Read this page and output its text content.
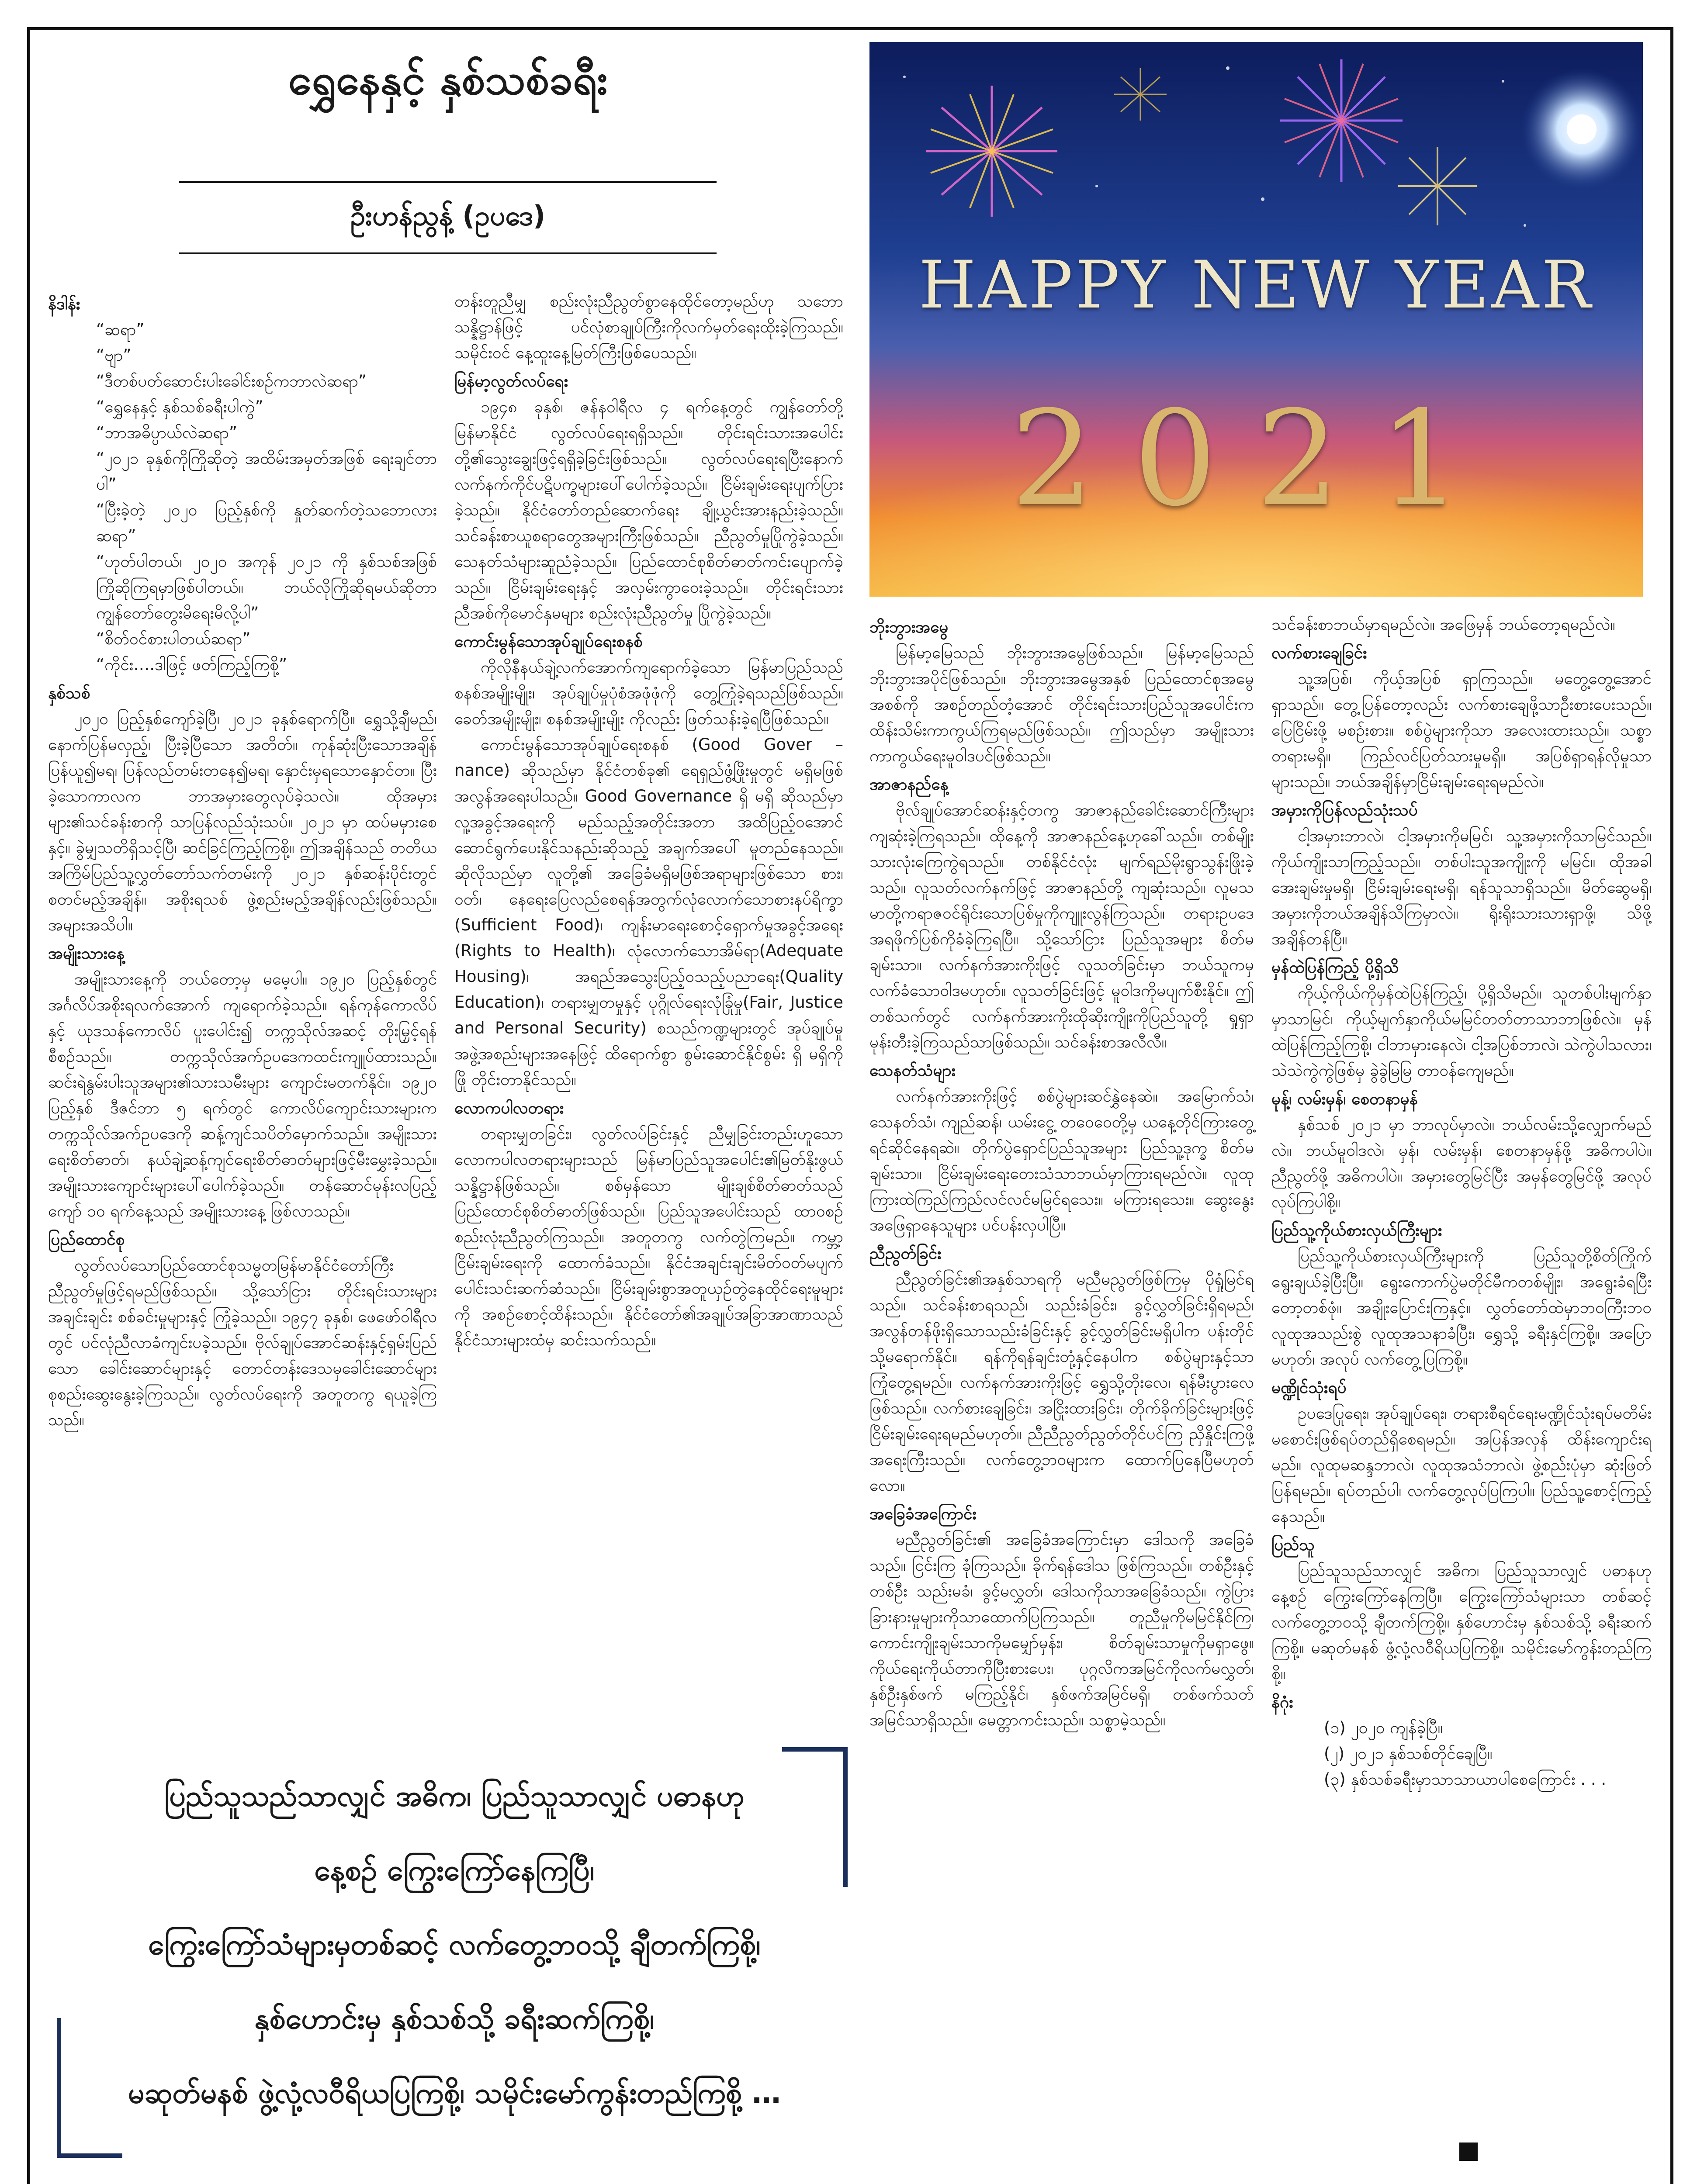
ရွှေနေနှင့် နှစ်သစ်ခရီး
ဦးဟန်ညွန့် (ဥပဒေ)
HAPPY NEW YEAR
2021

နိဒါန်း

“ဆရာ”

“ဗျာ”

“ဒီတစ်ပတ်ဆောင်းပါးခေါင်းစဉ်ကဘာလဲဆရာ”

“ရွှေနေနှင့် နှစ်သစ်ခရီးပါကွဲ”

“ဘာအဓိပ္ပာယ်လဲဆရာ”

“၂၀၂၁ ခုနှစ်ကိုကြိုဆိုတဲ့ အထိမ်းအမှတ်အဖြစ် ရေးချင်တာပါ”

“ပြီးခဲ့တဲ့ ၂၀၂၀ ပြည့်နှစ်ကို နှုတ်ဆက်တဲ့သဘောလားဆရာ”

“ဟုတ်ပါတယ်၊ ၂၀၂၀ အကုန် ၂၀၂၁ ကို နှစ်သစ်အဖြစ်ကြိုဆိုကြရမှာဖြစ်ပါတယ်။ ဘယ်လိုကြိုဆိုရမယ်ဆိုတာ ကျွန်တော်တွေးမိရေးမိလို့ပါ”

“စိတ်ဝင်စားပါတယ်ဆရာ”

“ကိုင်း….ဒါဖြင့် ဖတ်ကြည့်ကြစို့”

နှစ်သစ်

၂၀၂၀ ပြည့်နှစ်ကျော်ခဲ့ပြီ၊ ၂၀၂၁ ခုနှစ်ရောက်ပြီ။ ရွှေသို့ချီမည်၊ နောက်ပြန်မလှည့်၊ ပြီးခဲ့ပြီသော အတိတ်။ ကုန်ဆုံးပြီးသောအချိန် ပြန်ယူ၍မရ၊ ပြန်လည်တမ်းတနေ၍မရ၊ နှောင်းမှရသောနှောင်တ။ ပြီးခဲ့သောကာလက ဘာအမှားတွေလုပ်ခဲ့သလဲ။ ထိုအမှားများ၏သင်ခန်းစာကို သာပြန်လည်သုံးသပ်။ ၂၀၂၁ မှာ ထပ်မမှားစေနှင့်။ ခွဲမျှသတိရှိသင့်ပြီ၊ ဆင်ခြင်ကြည့်ကြစို့။ ဤအချိန်သည် တတိယအကြိမ်ပြည်သူ့လွှတ်တော်သက်တမ်းကို ၂၀၂၁ နှစ်ဆန်းပိုင်းတွင် စတင်မည့်အချိန်။ အစိုးရသစ် ဖွဲ့စည်းမည့်အချိန်လည်းဖြစ်သည်။ အများအသိပါ။

အမျိုးသားနေ့

အမျိုးသားနေ့ကို ဘယ်တော့မှ မမေ့ပါ။ ၁၉၂၀ ပြည့်နှစ်တွင် အင်္ဂလိပ်အစိုးရလက်အောက် ကျရောက်ခဲ့သည်။ ရန်ကုန်ကောလိပ်နှင့် ယုဒသန်ကောလိပ် ပူးပေါင်း၍ တက္ကသိုလ်အဆင့် တိုးမြှင့်ရန်စီစဉ်သည်။ တက္ကသိုလ်အက်ဥပဒေကထင်းကျူပ်ထားသည်။ ဆင်းရဲနွမ်းပါးသူအများ၏သားသမီးများ ကျောင်းမတက်နိုင်။ ၁၉၂၀ ပြည့်နှစ် ဒီဇင်ဘာ ၅ ရက်တွင် ကောလိပ်ကျောင်းသားများက တက္ကသိုလ်အက်ဥပဒေကို ဆန့်ကျင်သပိတ်မှောက်သည်။ အမျိုးသားရေးစိတ်ဓာတ်၊ နယ်ချဲ့ဆန့်ကျင်ရေးစိတ်ဓာတ်များဖြင့်မီးမွှေးခဲ့သည်။ အမျိုးသားကျောင်းများပေါ်ပေါက်ခဲ့သည်။ တန်ဆောင်မုန်းလပြည့်ကျော် ၁၀ ရက်နေ့သည် အမျိုးသားနေ့ ဖြစ်လာသည်။

ပြည်ထောင်စု

လွတ်လပ်သောပြည်ထောင်စုသမ္မတမြန်မာနိုင်ငံတော်ကြီး ညီညွတ်မှုဖြင့်ရမည်ဖြစ်သည်။ သို့သော်ငြား တိုင်းရင်းသားများအချင်းချင်း စစ်ခင်းမှုများနှင့် ကြုံခဲ့သည်။ ၁၉၄၇ ခုနှစ်၊ ဖေဖော်ဝါရီလတွင် ပင်လုံညီလာခံကျင်းပခဲ့သည်။ ဗိုလ်ချုပ်အောင်ဆန်းနှင့်ရှမ်းပြည်သော ခေါင်းဆောင်များနှင့် တောင်တန်းဒေသမှခေါင်းဆောင်များ စုစည်းဆွေးနွေးခဲ့ကြသည်။ လွတ်လပ်ရေးကို အတူတကွ ရယူခဲ့ကြသည်။

တန်းတူညီမျှ စည်းလုံးညီညွတ်စွာနေထိုင်တော့မည်ဟု သဘောသန္နိဋ္ဌာန်ဖြင့် ပင်လုံစာချုပ်ကြီးကိုလက်မှတ်ရေးထိုးခဲ့ကြသည်။ သမိုင်းဝင် နေ့ထူးနေ့မြတ်ကြီးဖြစ်ပေသည်။

မြန်မာ့လွတ်လပ်ရေး

၁၉၄၈ ခုနှစ်၊ ဇန်နဝါရီလ ၄ ရက်နေ့တွင် ကျွန်တော်တို့မြန်မာနိုင်ငံ လွတ်လပ်ရေးရရှိသည်။ တိုင်းရင်းသားအပေါင်းတို့၏သွေးချွေးဖြင့်ရရှိခဲ့ခြင်းဖြစ်သည်။ လွတ်လပ်ရေးရပြီးနောက် လက်နက်ကိုင်ပဋိပက္ခများပေါ်ပေါက်ခဲ့သည်။ ငြိမ်းချမ်းရေးပျက်ပြားခဲ့သည်။ နိုင်ငံတော်တည်ဆောက်ရေး ချို့ယွင်းအားနည်းခဲ့သည်။ သင်ခန်းစာယူစရာတွေအများကြီးဖြစ်သည်။ ညီညွတ်မှုပြိုကွဲခဲ့သည်။ သေနတ်သံများဆူညံခဲ့သည်။ ပြည်ထောင်စုစိတ်ဓာတ်ကင်းပျောက်ခဲ့သည်။ ငြိမ်းချမ်းရေးနှင့် အလှမ်းကွာဝေးခဲ့သည်။ တိုင်းရင်းသားညီအစ်ကိုမောင်နှမများ စည်းလုံးညီညွတ်မှု ပြိုကွဲခဲ့သည်။

ကောင်းမွန်သောအုပ်ချုပ်ရေးစနစ်

ကိုလိုနီနယ်ချဲ့လက်အောက်ကျရောက်ခဲ့သော မြန်မာပြည်သည် စနစ်အမျိုးမျိုး၊ အုပ်ချုပ်မှုပုံစံအဖုံဖုံကို တွေ့ကြုံခဲ့ရသည်ဖြစ်သည်။ ခေတ်အမျိုးမျိုး၊ စနစ်အမျိုးမျိုး ကိုလည်း ဖြတ်သန်းခဲ့ရပြီဖြစ်သည်။

ကောင်းမွန်သောအုပ်ချုပ်ရေးစနစ် (Good Gover – nance) ဆိုသည်မှာ နိုင်ငံတစ်ခု၏ ရေရှည်ဖွံ့ဖြိုးမှုတွင် မရှိမဖြစ် အလွန်အရေးပါသည်။ Good Governance ရှိ မရှိ ဆိုသည်မှာ လူ့အခွင့်အရေးကို မည်သည့်အတိုင်းအတာ အထိပြည့်ဝအောင် ဆောင်ရွက်ပေးနိုင်သနည်းဆိုသည့် အချက်အပေါ် မူတည်နေသည်။ ဆိုလိုသည်မှာ လူတို့၏ အခြေခံမရှိမဖြစ်အရာများဖြစ်သော စား၊ ဝတ်၊ နေရေးပြေလည်စေရန်အတွက်လုံလောက်သောစားနပ်ရိက္ခာ (Sufficient Food)၊ ကျန်းမာရေးစောင့်ရှောက်မှုအခွင့်အရေး (Rights to Health)၊ လုံလောက်သောအိမ်ရာ(Adequate Housing)၊ အရည်အသွေးပြည့်ဝသည့်ပညာရေး(Quality Education)၊ တရားမျှတမှုနှင့် ပုဂ္ဂိုလ်ရေးလုံခြုံမှု(Fair, Justice and Personal Security) စသည်ကဏ္ဍများတွင် အုပ်ချုပ်မှုအဖွဲ့အစည်းများအနေဖြင့် ထိရောက်စွာ စွမ်းဆောင်နိုင်စွမ်း ရှိ မရှိကိုဖြို တိုင်းတာနိုင်သည်။

လောကပါလတရား

တရားမျှတခြင်း၊ လွတ်လပ်ခြင်းနှင့် ညီမျှခြင်းတည်းဟူသော လောကပါလတရားများသည် မြန်မာပြည်သူအပေါင်း၏မြတ်နိုးဖွယ်သန္နိဋ္ဌာန်ဖြစ်သည်။ စစ်မှန်သော မျိုးချစ်စိတ်ဓာတ်သည် ပြည်ထောင်စုစိတ်ဓာတ်ဖြစ်သည်။ ပြည်သူအပေါင်းသည် ထာဝစဉ်စည်းလုံးညီညွတ်ကြသည်။ အတူတကွ လက်တွဲကြမည်။ ကမ္ဘာ့ငြိမ်းချမ်းရေးကို ထောက်ခံသည်။ နိုင်ငံအချင်းချင်းမိတ်ဝတ်မပျက်ပေါင်းသင်းဆက်ဆံသည်။ ငြိမ်းချမ်းစွာအတူယှဉ်တွဲနေထိုင်ရေးမူများကို အစဉ်စောင့်ထိန်းသည်။ နိုင်ငံတော်၏အချုပ်အခြာအာဏာသည် နိုင်ငံသားများထံမှ ဆင်းသက်သည်။

ဘိုးဘွားအမွေ

မြန်မာ့မြေသည် ဘိုးဘွားအမွေဖြစ်သည်။ မြန်မာ့မြေသည် ဘိုးဘွားအပိုင်ဖြစ်သည်။ ဘိုးဘွားအမွေအနှစ် ပြည်ထောင်စုအမွေအစစ်ကို အစဉ်တည်တံ့အောင် တိုင်းရင်းသားပြည်သူအပေါင်းက ထိန်းသိမ်းကာကွယ်ကြရမည်ဖြစ်သည်။ ဤသည်မှာ အမျိုးသားကာကွယ်ရေးမူဝါဒပင်ဖြစ်သည်။

အာဇာနည်နေ့

ဗိုလ်ချုပ်အောင်ဆန်းနှင့်တကွ အာဇာနည်ခေါင်းဆောင်ကြီးများကျဆုံးခဲ့ကြရသည်။ ထိုနေ့ကို အာဇာနည်နေ့ဟုခေါ်သည်။ တစ်မျိုးသားလုံးကြေကွဲရသည်။ တစ်နိုင်ငံလုံး မျက်ရည်မိုးရွာသွန်းဖြိုးခဲ့သည်။ လူသတ်လက်နက်ဖြင့် အာဇာနည်တို့ ကျဆုံးသည်။ လူမသမာတို့ကရာဇဝင်ရိုင်းသောပြစ်မှုကိုကျူးလွန်ကြသည်။ တရားဥပဒေအရဖိုက်ပြစ်ကိုခံခဲ့ကြရပြီ။ သို့သော်ငြား ပြည်သူအများ စိတ်မချမ်းသာ။ လက်နက်အားကိုးဖြင့် လူသတ်ခြင်းမှာ ဘယ်သူကမှ လက်ခံသောဝါဒမဟုတ်။ လူသတ်ခြင်းဖြင့် မူဝါဒကိုမပျက်စီးနိုင်။ ဤတစ်သက်တွင် လက်နက်အားကိုးထိုဆိုးကျိုးကိုပြည်သူတို့ ရှုရှာမုန်းတီးခဲ့ကြသည်သာဖြစ်သည်။ သင်ခန်းစာအလီလီ။

သေနတ်သံများ

လက်နက်အားကိုးဖြင့် စစ်ပွဲများဆင်နွှဲနေဆဲ။ အမြောက်သံ၊ သေနတ်သံ၊ ကျည်ဆန်၊ ယမ်းငွေ့ တဝေဝေတို့မှ ယနေ့တိုင်ကြားတွေ့ရင်ဆိုင်နေရဆဲ။ တိုက်ပွဲရှောင်ပြည်သူအများ ပြည်သူ့ဒုက္ခ စိတ်မချမ်းသာ။ ငြိမ်းချမ်းရေးတေးသံသာဘယ်မှာကြားရမည်လဲ။ လူထုကြားထဲကြည်ကြည်လင်လင်မမြင်ရသေး။ မကြားရသေး။ ဆွေးနွေးအဖြေရှာနေသူများ ပင်ပန်းလှပါပြီ။

ညီညွတ်ခြင်း

ညီညွတ်ခြင်း၏အနှစ်သာရကို မညီမညွတ်ဖြစ်ကြမှ ပိုရှုံမြင်ရသည်။ သင်ခန်းစာရသည်၊ သည်းခံခြင်း၊ ခွင့်လွှတ်ခြင်းရှိရမည်၊ အလွန်တန်ဖိုးရှိသောသည်းခံခြင်းနှင့် ခွင့်လွှတ်ခြင်းမရှိပါက ပန်းတိုင်သို့မရောက်နိုင်။ ရန်ကိုရန်ချင်းတုံ့နှင့်နေပါက စစ်ပွဲများနှင့်သာ ကြုံတွေ့ရမည်။ လက်နက်အားကိုးဖြင့် ရွှေသို့တိုးလေ၊ ရန်မီးပွားလေဖြစ်သည်။ လက်စားချေခြင်း၊ အငြိုးထားခြင်း၊ တိုက်ခိုက်ခြင်းများဖြင့် ငြိမ်းချမ်းရေးရမည်မဟုတ်။ ညီညီညွတ်ညွတ်တိုင်ပင်ကြ ညှိနှိုင်းကြဖို့အရေးကြီးသည်။ လက်တွေ့ဘဝများက ထောက်ပြနေပြီမဟုတ်လော။

အခြေခံအကြောင်း

မညီညွတ်ခြင်း၏ အခြေခံအကြောင်းမှာ ဒေါသကို အခြေခံသည်။ ငြင်းကြ ခုံကြသည်။ ခိုက်ရန်ဒေါသ ဖြစ်ကြသည်။ တစ်ဦးနှင့်တစ်ဦး သည်းမခံ၊ ခွင့်မလွှတ်၊ ဒေါသကိုသာအခြေခံသည်။ ကွဲပြားခြားနားမှုများကိုသာထောက်ပြကြသည်။ တူညီမှုကိုမမြင်နိုင်ကြ၊ ကောင်းကျိုးချမ်းသာကိုမမျှော်မှန်း၊ စိတ်ချမ်းသာမှုကိုမရှာဖွေ။ ကိုယ်ရေးကိုယ်တာကိုပြီးစားပေး၊ ပုဂ္ဂလိကအမြင်ကိုလက်မလွှတ်၊ နှစ်ဦးနှစ်ဖက် မကြည့်နိုင်၊ နှစ်ဖက်အမြင်မရှိ၊ တစ်ဖက်သတ်အမြင်သာရှိသည်။ မေတ္တာကင်းသည်။ သစ္စာမဲ့သည်။

သင်ခန်းစာဘယ်မှာရမည်လဲ။ အဖြေမှန် ဘယ်တော့ရမည်လဲ။

လက်စားချေခြင်း

သူ့အပြစ်၊ ကိုယ့်အပြစ် ရှာကြသည်။ မတွေ့တွေ့အောင်ရှာသည်။ တွေ့ပြန်တော့လည်း လက်စားချေဖို့သာဦးစားပေးသည်။ ပြေငြိမ်းဖို့ မစဉ်းစား။ စစ်ပွဲများကိုသာ အလေးထားသည်။ သစ္စာတရားမရှိ။ ကြည်လင်ပြတ်သားမှုမရှိ။ အပြစ်ရှာရန်လိုမှုသာများသည်။ ဘယ်အချိန်မှာငြိမ်းချမ်းရေးရမည်လဲ။

အမှားကိုပြန်လည်သုံးသပ်

ငါ့အမှားဘာလဲ၊ ငါ့အမှားကိုမမြင်၊ သူ့အမှားကိုသာမြင်သည်။ ကိုယ်ကျိုးသာကြည့်သည်။ တစ်ပါးသူအကျိုးကို မမြင်။ ထိုအခါ အေးချမ်းမှုမရှိ၊ ငြိမ်းချမ်းရေးမရှိ၊ ရန်သူသာရှိသည်။ မိတ်ဆွေမရှိ၊ အမှားကိုဘယ်အချိန်သိကြမှာလဲ။ ရိုးရိုးသားသားရှာဖို့၊ သိဖို့ အချိန်တန်ပြီ။

မှန်ထဲပြန်ကြည့် ပို့ရှိသိ

ကိုယ့်ကိုယ်ကိုမှန်ထဲပြန်ကြည့်၊ ပို့ရှိသိမည်။ သူတစ်ပါးမျက်နှာမှာသာမြင်၊ ကိုယ့်မျက်နှာကိုယ်မမြင်တတ်တာသာဘာဖြစ်လဲ။ မှန်ထဲပြန်ကြည့်ကြစို့၊ ငါဘာမှားနေလဲ၊ ငါ့အပြစ်ဘာလဲ၊ သဲကွဲပါသလား၊ သဲသဲကွဲကွဲဖြစ်မှ ခွဲခွဲမြမြ တာဝန်ကျေမည်။

မုန့်၊ လမ်းမှန်၊ စေတနာမှန်

နှစ်သစ် ၂၀၂၁ မှာ ဘာလုပ်မှာလဲ။ ဘယ်လမ်းသို့လျှောက်မည်လဲ။ ဘယ်မူဝါဒလဲ၊ မှန်၊ လမ်းမှန်၊ စေတနာမှန်ဖို့ အဓိကပါပဲ။ ညီညွတ်ဖို့ အဓိကပါပဲ။ အမှားတွေမြင်ပြီး အမှန်တွေမြင်ဖို့ အလုပ်လုပ်ကြပါစို့။

ပြည်သူ့ကိုယ်စားလှယ်ကြီးများ

ပြည်သူ့ကိုယ်စားလှယ်ကြီးများကို ပြည်သူတို့စိတ်ကြိုက်ရွေးချယ်ခဲ့ပြီးပြီ။ ရွေးကောက်ပွဲမတိုင်မီကတစ်မျိုး၊ အရွေးခံရပြီးတော့တစ်ဖုံ။ အချိုးပြောင်းကြနှင့်။ လွှတ်တော်ထဲမှာဘဝကြီးဘဝလူထုအသည်းစွဲ လူထုအသနာခံပြီး၊ ရွှေသို့ ခရီးနှင်ကြစို့။ အပြောမဟုတ်၊ အလုပ် လက်တွေ့ပြကြစို့။

မဏ္ဍိုင်သုံးရပ်

ဥပဒေပြုရေး၊ အုပ်ချုပ်ရေး၊ တရားစီရင်ရေးမဏ္ဍိုင်သုံးရပ်မတိမ်းမစောင်းဖြစ်ရပ်တည်ရှိစေရမည်။ အပြန်အလှန် ထိန်းကျောင်းရမည်။ လူထုမဆန္ဒဘာလဲ၊ လူထုအသံဘာလဲ၊ ဖွဲ့စည်းပုံမှာ ဆုံးဖြတ်ပြန်ရမည်။ ရပ်တည်ပါ၊ လက်တွေ့လုပ်ပြကြပါ။ ပြည်သူ့စောင့်ကြည့်နေသည်။

ပြည်သူ

ပြည်သူသည်သာလျှင် အဓိက၊ ပြည်သူသာလျှင် ပဓာနဟု နေ့စဉ် ကြွေးကြော်နေကြပြီ။ ကြွေးကြော်သံများသာ တစ်ဆင့် လက်တွေ့ဘဝသို့ ချီတက်ကြစို့။ နှစ်ဟောင်းမှ နှစ်သစ်သို့ ခရီးဆက်ကြစို့။ မဆုတ်မနစ် ဖွံ့လုံ့လဝီရိယပြကြစို့။ သမိုင်းမော်ကွန်းတည်ကြစို့။

နိဂုံး

(၁) ၂၀၂၀ ကျန်ခဲ့ပြီ။

(၂) ၂၀၂၁ နှစ်သစ်တိုင်ချေပြီ။

(၃) နှစ်သစ်ခရီးမှာသာသာယာပါစေကြောင်း . . .

ပြည်သူသည်သာလျှင် အဓိက၊ ပြည်သူသာလျှင် ပဓာနဟု
နေ့စဉ် ကြွေးကြော်နေကြပြီ၊
ကြွေးကြော်သံများမှတစ်ဆင့် လက်တွေ့ဘဝသို့ ချီတက်ကြစို့၊
နှစ်ဟောင်းမှ နှစ်သစ်သို့ ခရီးဆက်ကြစို့၊
မဆုတ်မနစ် ဖွဲ့လုံ့လဝီရိယပြကြစို့၊ သမိုင်းမော်ကွန်းတည်ကြစို့ …
